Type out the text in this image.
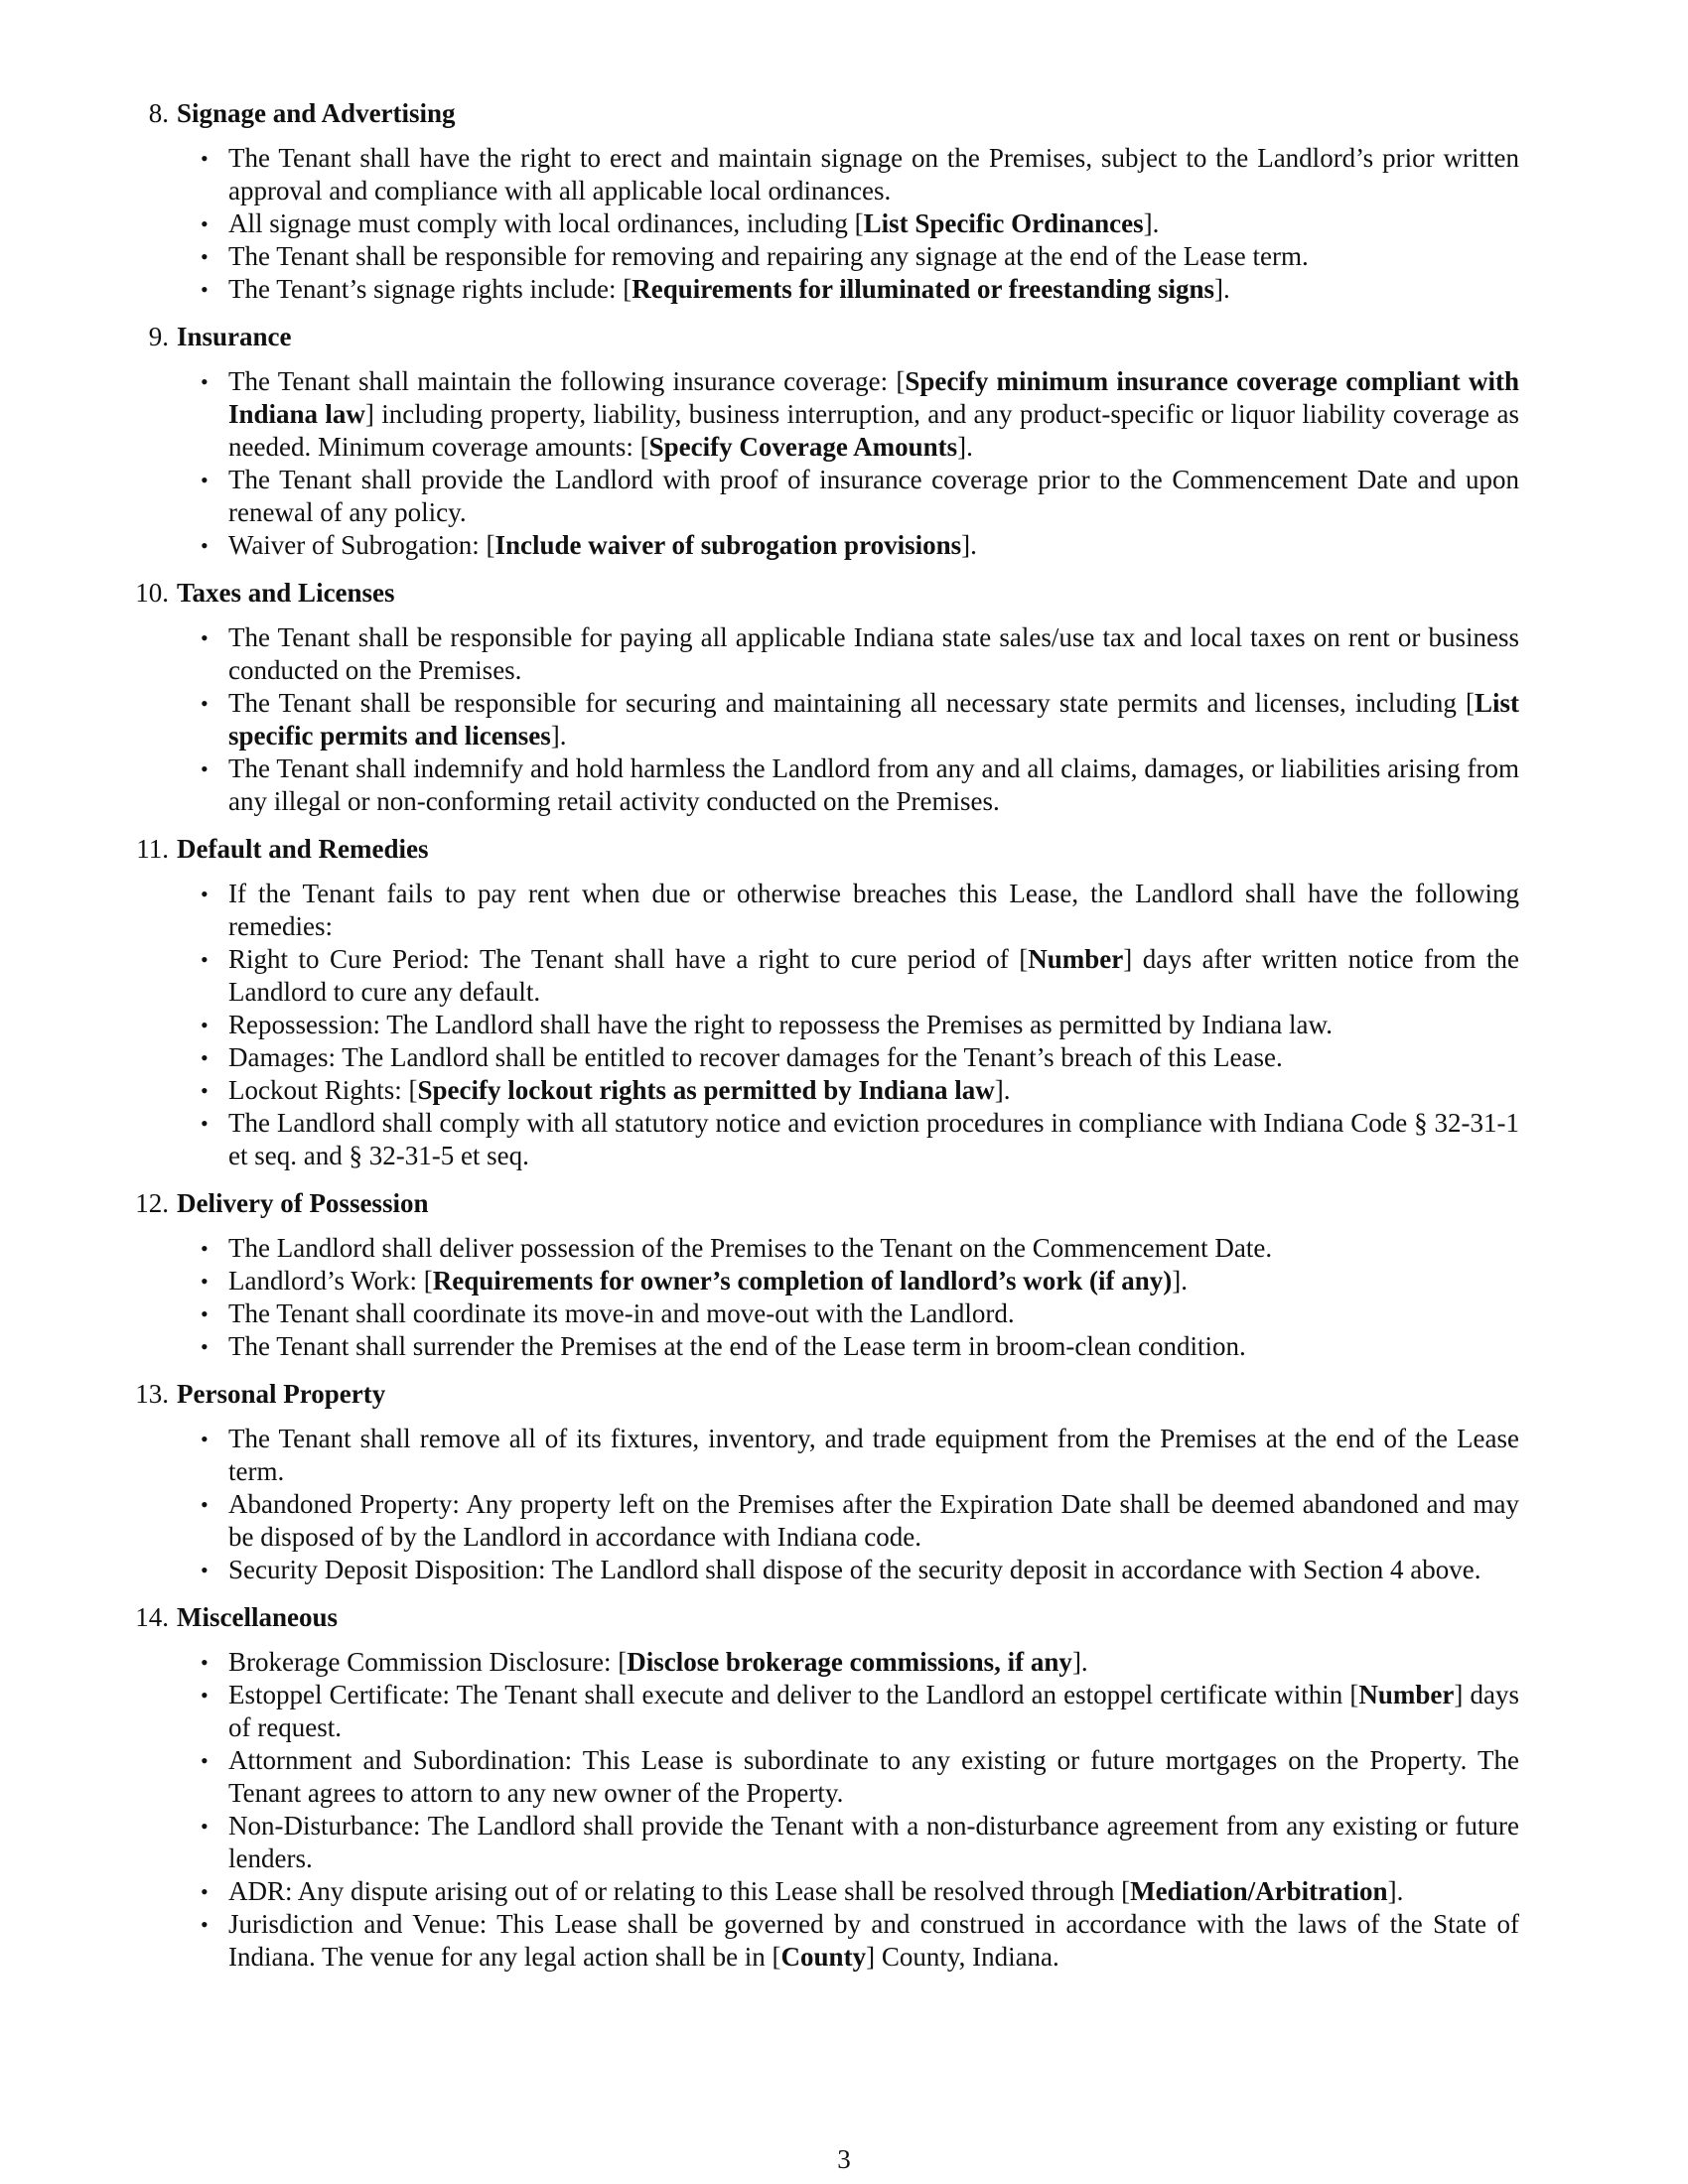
8. Signage and Advertising
• The Tenant shall have the right to erect and maintain signage on the Premises, subject to the Landlord’s prior written approval and compliance with all applicable local ordinances.
• All signage must comply with local ordinances, including [List Specific Ordinances].
• The Tenant shall be responsible for removing and repairing any signage at the end of the Lease term.
• The Tenant’s signage rights include: [Requirements for illuminated or freestanding signs].
9. Insurance
• The Tenant shall maintain the following insurance coverage: [Specify minimum insurance coverage compliant with Indiana law] including property, liability, business interruption, and any product-specific or liquor liability coverage as needed. Minimum coverage amounts: [Specify Coverage Amounts].
• The Tenant shall provide the Landlord with proof of insurance coverage prior to the Commencement Date and upon renewal of any policy.
• Waiver of Subrogation: [Include waiver of subrogation provisions].
10. Taxes and Licenses
• The Tenant shall be responsible for paying all applicable Indiana state sales/use tax and local taxes on rent or business conducted on the Premises.
• The Tenant shall be responsible for securing and maintaining all necessary state permits and licenses, including [List specific permits and licenses].
• The Tenant shall indemnify and hold harmless the Landlord from any and all claims, damages, or liabilities arising from any illegal or non-conforming retail activity conducted on the Premises.
11. Default and Remedies
• If the Tenant fails to pay rent when due or otherwise breaches this Lease, the Landlord shall have the following remedies:
• Right to Cure Period: The Tenant shall have a right to cure period of [Number] days after written notice from the Landlord to cure any default.
• Repossession: The Landlord shall have the right to repossess the Premises as permitted by Indiana law.
• Damages: The Landlord shall be entitled to recover damages for the Tenant’s breach of this Lease.
• Lockout Rights: [Specify lockout rights as permitted by Indiana law].
• The Landlord shall comply with all statutory notice and eviction procedures in compliance with Indiana Code § 32-31-1 et seq. and § 32-31-5 et seq.
12. Delivery of Possession
• The Landlord shall deliver possession of the Premises to the Tenant on the Commencement Date.
• Landlord’s Work: [Requirements for owner’s completion of landlord’s work (if any)].
• The Tenant shall coordinate its move-in and move-out with the Landlord.
• The Tenant shall surrender the Premises at the end of the Lease term in broom-clean condition.
13. Personal Property
• The Tenant shall remove all of its fixtures, inventory, and trade equipment from the Premises at the end of the Lease term.
• Abandoned Property: Any property left on the Premises after the Expiration Date shall be deemed abandoned and may be disposed of by the Landlord in accordance with Indiana code.
• Security Deposit Disposition: The Landlord shall dispose of the security deposit in accordance with Section 4 above.
14. Miscellaneous
• Brokerage Commission Disclosure: [Disclose brokerage commissions, if any].
• Estoppel Certificate: The Tenant shall execute and deliver to the Landlord an estoppel certificate within [Number] days of request.
• Attornment and Subordination: This Lease is subordinate to any existing or future mortgages on the Property. The Tenant agrees to attorn to any new owner of the Property.
• Non-Disturbance: The Landlord shall provide the Tenant with a non-disturbance agreement from any existing or future lenders.
• ADR: Any dispute arising out of or relating to this Lease shall be resolved through [Mediation/Arbitration].
• Jurisdiction and Venue: This Lease shall be governed by and construed in accordance with the laws of the State of Indiana. The venue for any legal action shall be in [County] County, Indiana.
3
